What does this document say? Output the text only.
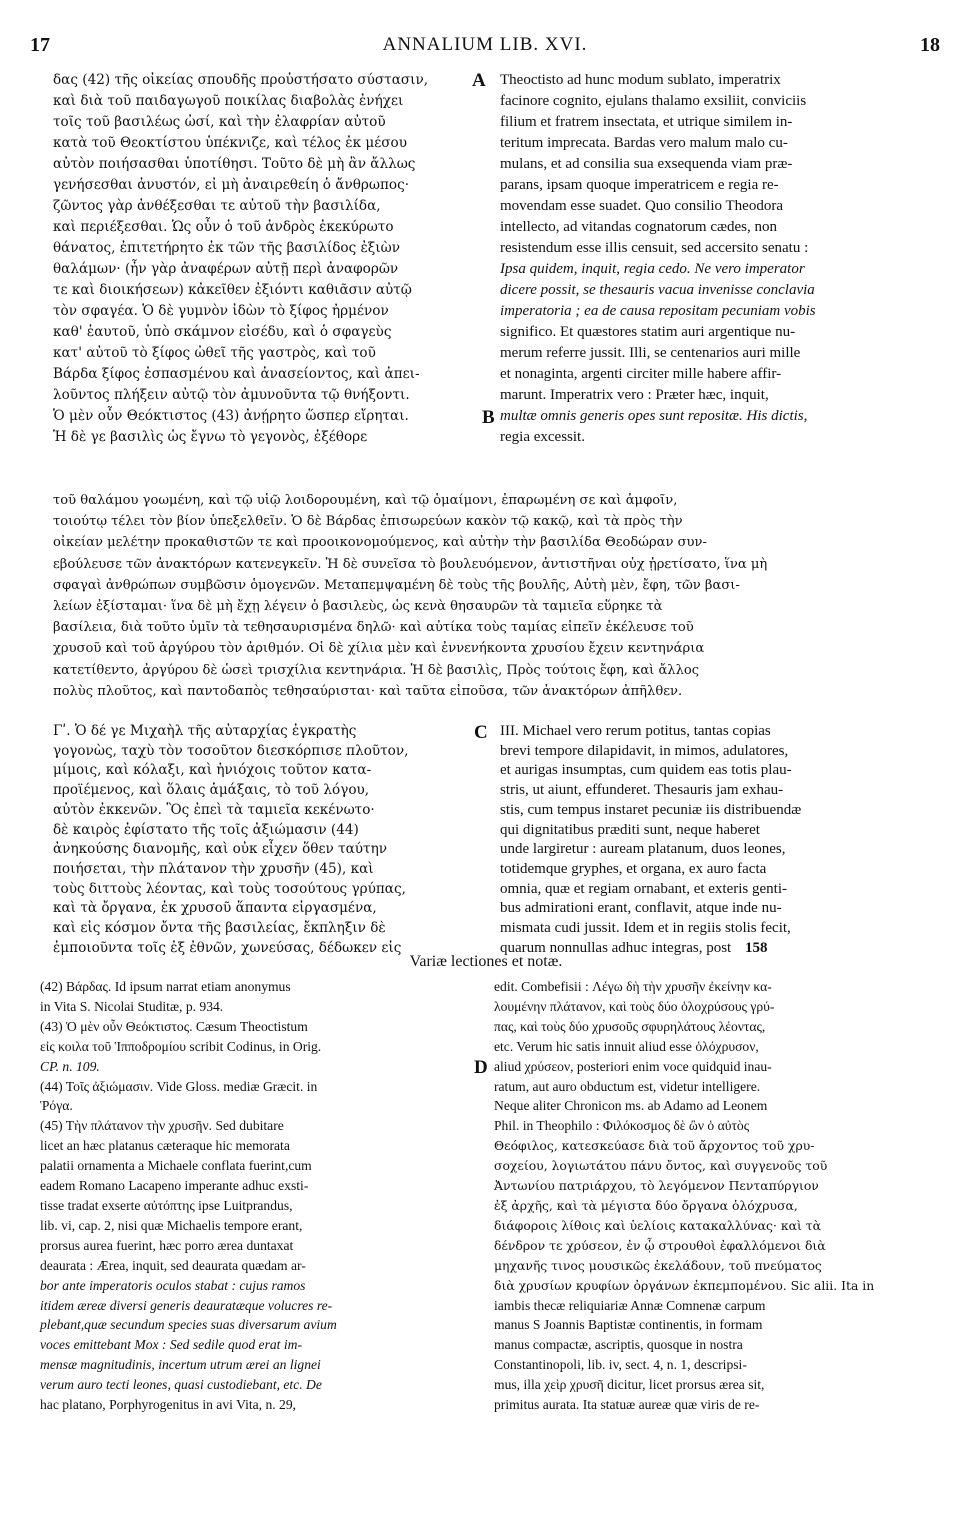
17	ANNALIUM LIB. XVI.	18
A
B
C
D
δας (42) τῆς οἰκείας σπουδῆς προὐστήσατο σύστασιν,
καὶ διὰ τοῦ παιδαγωγοῦ ποικίλας διαβολὰς ἐνήχει
τοῖς τοῦ βασιλέως ὠσί, καὶ τὴν ἐλαφρίαν αὐτοῦ
κατὰ τοῦ Θεοκτίστου ὑπέκνιζε, καὶ τέλος ἐκ μέσου
αὐτὸν ποιήσασθαι ὑποτίθησι. Τοῦτο δὲ μὴ ἂν ἄλλως
γενήσεσθαι ἀνυστόν, εἰ μὴ ἀναιρεθείη ὁ ἄνθρωπος·
ζῶντος γὰρ ἀνθέξεσθαι τε αὐτοῦ τὴν βασιλίδα,
καὶ περιέξεσθαι. Ὡς οὖν ὁ τοῦ ἀνδρὸς ἐκεκύρωτο
θάνατος, ἐπιτετήρητο ἐκ τῶν τῆς βασιλίδος ἐξιὼν
θαλάμων· (ἦν γὰρ ἀναφέρων αὐτῇ περὶ ἀναφορῶν
τε καὶ διοικήσεων) κἀκεῖθεν ἐξιόντι καθιᾶσιν αὐτῷ
τὸν σφαγέα. Ὁ δὲ γυμνὸν ἰδὼν τὸ ξίφος ἠρμένον
καθ' ἑαυτοῦ, ὑπὸ σκάμνον εἰσέδυ, καὶ ὁ σφαγεὺς
κατ' αὐτοῦ τὸ ξίφος ὠθεῖ τῆς γαστρὸς, καὶ τοῦ
Βάρδα ξίφος ἐσπασμένου καὶ ἀνασείοντος, καὶ ἀπει-
λοῦντος πλήξειν αὐτῷ τὸν ἀμυνοῦντα τῷ θνήξοντι.
Ὁ μὲν οὖν Θεόκτιστος (43) ἀνῄρητο ὥσπερ εἴρηται.
Ἡ δὲ γε βασιλὶς ὡς ἔγνω τὸ γεγονὸς, ἐξέθορε
Theoctisto ad hunc modum sublato, imperatrix
facinore cognito, ejulans thalamo exsiliit, conviciis
filium et fratrem insectata, et utrique similem in-
teritum imprecata. Bardas vero malum malo cu-
mulans, et ad consilia sua exsequenda viam præ-
parans, ipsam quoque imperatricem e regia re-
movendam esse suadet. Quo consilio Theodora
intellecto, ad vitandas cognatorum cædes, non
resistendum esse illis censuit, sed accersito senatu :
Ipsa quidem, inquit, regia cedo. Ne vero imperator
dicere possit, se thesauris vacua invenisse conclavia
imperatoria ; ea de causa repositam pecuniam vobis
significo. Et quæstores statim auri argentique nu-
merum referre jussit. Illi, se centenarios auri mille
et nonaginta, argenti circiter mille habere affir-
marunt. Imperatrix vero : Præter hæc, inquit,
multæ omnis generis opes sunt repositæ. His dictis,
regia excessit.
τοῦ θαλάμου γοωμένη, καὶ τῷ υἱῷ λοιδορουμένη, καὶ τῷ ὁμαίμονι, ἐπαρωμένη σε καὶ ἀμφοῖν,
τοιούτῳ τέλει τὸν βίον ὑπεξελθεῖν. Ὁ δὲ Βάρδας ἐπισωρεύων κακὸν τῷ κακῷ, καὶ τὰ πρὸς τὴν
οἰκείαν μελέτην προκαθιστῶν τε καὶ προοικονομούμενος, καὶ αὐτὴν τὴν βασιλίδα Θεοδώραν συν-
εβούλευσε τῶν ἀνακτόρων κατενεγκεῖν. Ἡ δὲ συνεῖσα τὸ βουλευόμενον, ἀντιστῆναι οὐχ ᾑρετίσατο, ἵνα μὴ
σφαγαὶ ἀνθρώπων συμβῶσιν ὁμογενῶν. Μεταπεμψαμένη δὲ τοὺς τῆς βουλῆς, Αὐτὴ μὲν, ἔφη, τῶν βασι-
λείων ἐξίσταμαι· ἵνα δὲ μὴ ἔχῃ λέγειν ὁ βασιλεὺς, ὡς κενὰ θησαυρῶν τὰ ταμιεῖα εὕρηκε τὰ
βασίλεια, διὰ τοῦτο ὑμῖν τὰ τεθησαυρισμένα δηλῶ· καὶ αὐτίκα τοὺς ταμίας εἰπεῖν ἐκέλευσε τοῦ
χρυσοῦ καὶ τοῦ ἀργύρου τὸν ἀριθμόν. Οἱ δὲ χίλια μὲν καὶ ἐννενήκοντα χρυσίου ἔχειν κεντηνάρια
κατετίθεντο, ἀργύρου δὲ ὡσεὶ τρισχίλια κεντηνάρια. Ἡ δὲ βασιλὶς, Πρὸς τούτοις ἔφη, καὶ ἄλλος
πολὺς πλοῦτος, καὶ παντοδαπὸς τεθησαύρισται· καὶ ταῦτα εἰποῦσα, τῶν ἀνακτόρων ἀπῆλθεν.
Γʹ. Ὁ δέ γε Μιχαὴλ τῆς αὐταρχίας ἐγκρατὴς
γογονὼς, ταχὺ τὸν τοσοῦτον διεσκόρπισε πλοῦτον,
μίμοις, καὶ κόλαξι, καὶ ἡνιόχοις τοῦτον κατα-
προϊέμενος, καὶ ὅλαις ἁμάξαις, τὸ τοῦ λόγου,
αὐτὸν ἐκκενῶν. Ὃς ἐπεὶ τὰ ταμιεῖα κεκένωτο·
δὲ καιρὸς ἐφίστατο τῆς τοῖς ἀξιώμασιν (44)
ἀνηκούσης διανομῆς, καὶ οὐκ εἶχεν ὅθεν ταύτην
ποιήσεται, τὴν πλάτανον τὴν χρυσῆν (45), καὶ
τοὺς διττοὺς λέοντας, καὶ τοὺς τοσούτους γρύπας,
καὶ τὰ ὄργανα, ἐκ χρυσοῦ ἅπαντα εἰργασμένα,
καὶ εἰς κόσμον ὄντα τῆς βασιλείας, ἔκπληξιν δὲ
ἐμποιοῦντα τοῖς ἐξ ἐθνῶν, χωνεύσας, δέδωκεν εἰς
III. Michael vero rerum potitus, tantas copias
brevi tempore dilapidavit, in mimos, adulatores,
et aurigas insumptas, cum quidem eas totis plau-
stris, ut aiunt, effunderet. Thesauris jam exhau-
stis, cum tempus instaret pecuniæ iis distribuendæ
qui dignitatibus præditi sunt, neque haberet
unde largiretur : auream platanum, duos leones,
totidemque gryphes, et organa, ex auro facta
omnia, quæ et regiam ornabant, et exteris genti-
bus admirationi erant, conflavit, atque inde nu-
mismata cudi jussit. Idem et in regiis stolis fecit,
quarum nonnullas adhuc integras, post 158
Variæ lectiones et notæ.
(42) Βάρδας. Id ipsum narrat etiam anonymus
in Vita S. Nicolai Studitæ, p. 934.
(43) Ὁ μὲν οὖν Θεόκτιστος. Cæsum Theoctistum
εἰς κοιλα τοῦ Ἱπποδρομίου scribit Codinus, in Orig.
CP. n. 109.
(44) Τοῖς ἀξιώμασιν. Vide Gloss. mediæ Græcit. in
Ῥόγα.
(45) Τὴν πλάτανον τὴν χρυσῆν. Sed dubitare
licet an hæc platanus cæteraque hic memorata
palatii ornamenta a Michaele conflata fuerint,cum
eadem Romano Lacapeno imperante adhuc exsti-
tisse tradat exserte αὐτόπτης ipse Luitprandus,
lib. vi, cap. 2, nisi quæ Michaelis tempore erant,
prorsus aurea fuerint, hæc porro ærea duntaxat
deaurata : Ærea, inquit, sed deaurata quædam ar-
bor ante imperatoris oculos stabat : cujus ramos
itidem æreæ diversi generis deauratæque volucres re-
plebant,quæ secundum species suas diversarum avium
voces emittebant Mox : Sed sedile quod erat im-
mensæ magnitudinis, incertum utrum ærei an lignei
verum auro tecti leones, quasi custodiebant, etc. De
hac platano, Porphyrogenitus in avi Vita, n. 29,
edit. Combefisii : Λέγω δὴ τὴν χρυσῆν ἐκείνην κα-
λουμένην πλάτανον, καὶ τοὺς δύο ὁλοχρύσους γρύ-
πας, καὶ τοὺς δύο χρυσοῦς σφυρηλάτους λέοντας,
etc. Verum hic satis innuit aliud esse ὁλόχρυσον,
aliud χρύσεον, posteriori enim voce quidquid inau-
ratum, aut auro obductum est, videtur intelligere.
Neque aliter Chronicon ms. ab Adamo ad Leonem
Phil. in Theophilo : Φιλόκοσμος δὲ ὢν ὁ αὐτὸς
Θεόφιλος, κατεσκεύασε διὰ τοῦ ἄρχοντος τοῦ χρυ-
σοχείου, λογιωτάτου πάνυ ὄντος, καὶ συγγενοῦς τοῦ
Ἀντωνίου πατριάρχου, τὸ λεγόμενον Πενταπύργιον
ἐξ ἀρχῆς, καὶ τὰ μέγιστα δύο ὄργανα ὁλόχρυσα,
διάφοροις λίθοις καὶ ὑελίοις κατακαλλύνας· καὶ τὰ
δένδρον τε χρύσεον, ἐν ᾧ στρουθοὶ ἐφαλλόμενοι διὰ
μηχανῆς τινος μουσικῶς ἐκελάδουν, τοῦ πνεύματος
διὰ χρυσίων κρυφίων ὀργάνων ἐκπεμπομένου. Sic alii. Ita in
iambis thecæ reliquiariæ Annæ Comnenæ carpum
manus S Joannis Baptistæ continentis, in formam
manus compactæ, ascriptis, quosque in nostra
Constantinopoli, lib. iv, sect. 4, n. 1, descripsi-
mus, illa χεὶρ χρυσῆ dicitur, licet prorsus ærea sit,
primitus aurata. Ita statuæ aureæ quæ viris de re-
